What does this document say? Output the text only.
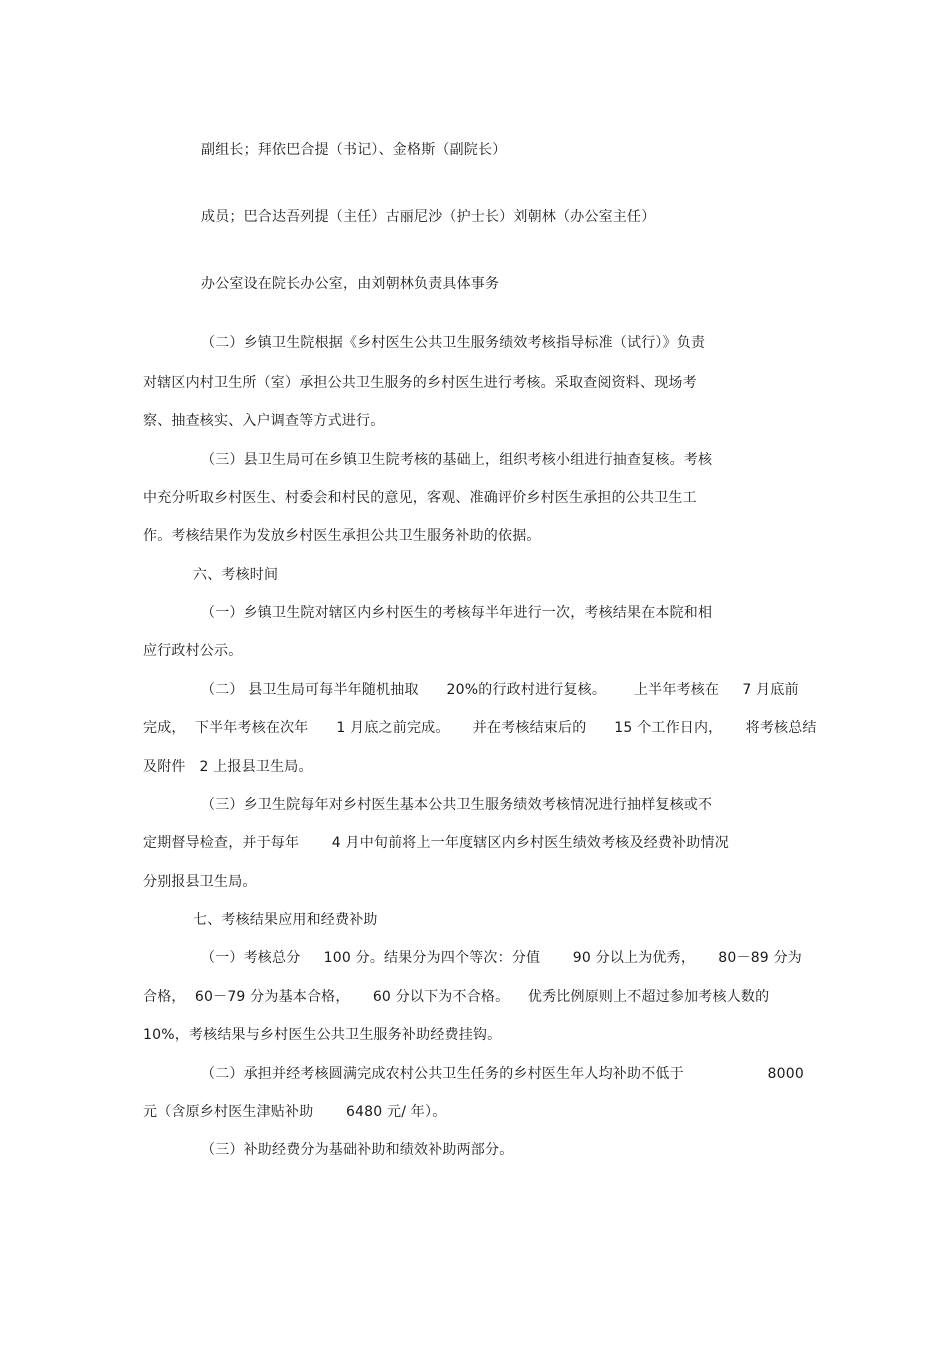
副组长；拜依巴合提（书记）、金格斯（副院长）
成员；巴合达吾列提（主任）古丽尼沙（护士长）刘朝林（办公室主任）
办公室设在院长办公室，由刘朝林负责具体事务
（二）乡镇卫生院根据《乡村医生公共卫生服务绩效考核指导标准（试行）》负责
对辖区内村卫生所（室）承担公共卫生服务的乡村医生进行考核。采取查阅资料、现场考
察、抽查核实、入户调查等方式进行。
（三）县卫生局可在乡镇卫生院考核的基础上，组织考核小组进行抽查复核。考核
中充分听取乡村医生、村委会和村民的意见，客观、准确评价乡村医生承担的公共卫生工
作。考核结果作为发放乡村医生承担公共卫生服务补助的依据。
六、考核时间
（一）乡镇卫生院对辖区内乡村医生的考核每半年进行一次，考核结果在本院和相
应行政村公示。
（二） 县卫生局可每半年随机抽取      20%的行政村进行复核。      上半年考核在     7 月底前
完成，  下半年考核在次年      1 月底之前完成。     并在考核结束后的      15 个工作日内，     将考核总结
及附件   2 上报县卫生局。
（三）乡卫生院每年对乡村医生基本公共卫生服务绩效考核情况进行抽样复核或不
定期督导检查，并于每年       4 月中旬前将上一年度辖区内乡村医生绩效考核及经费补助情况
分别报县卫生局。
七、考核结果应用和经费补助
（一）考核总分     100 分。结果分为四个等次：分值       90 分以上为优秀，     80－89 分为
合格，  60－79 分为基本合格，     60 分以下为不合格。    优秀比例原则上不超过参加考核人数的
10%，考核结果与乡村医生公共卫生服务补助经费挂钩。
（二）承担并经考核圆满完成农村公共卫生任务的乡村医生年人均补助不低于                  8000
元（含原乡村医生津贴补助       6480 元/ 年）。
（三）补助经费分为基础补助和绩效补助两部分。
